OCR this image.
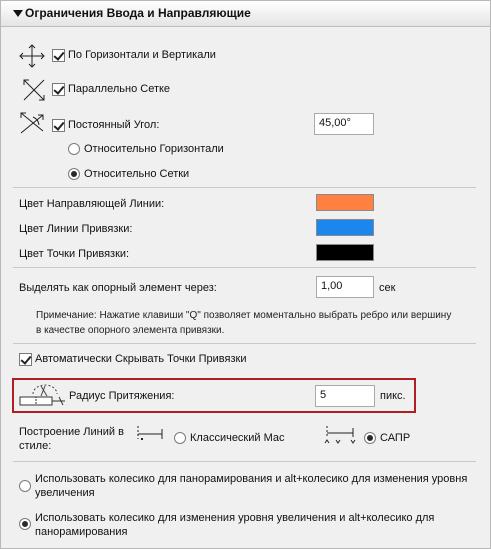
Ограничения Ввода и Направляющие
По Горизонтали и Вертикали
Параллельно Сетке
Постоянный Угол:	45,00°
Относительно Горизонтали
Относительно Сетки
Цвет Направляющей Линии:
Цвет Линии Привязки:
Цвет Точки Привязки:
Выделять как опорный элемент через:	1,00	сек
Примечание: Нажатие клавиши "Q" позволяет моментально выбрать ребро или вершину
в качестве опорного элемента привязки.
Автоматически Скрывать Точки Привязки
Радиус Притяжения:	5	пикс.
Построение Линий в
стиле:
Классический Мас	САПР
Использовать колесико для панорамирования и alt+колесико для изменения уровня
увеличения
Использовать колесико для изменения уровня увеличения и alt+колесико для
панорамирования
